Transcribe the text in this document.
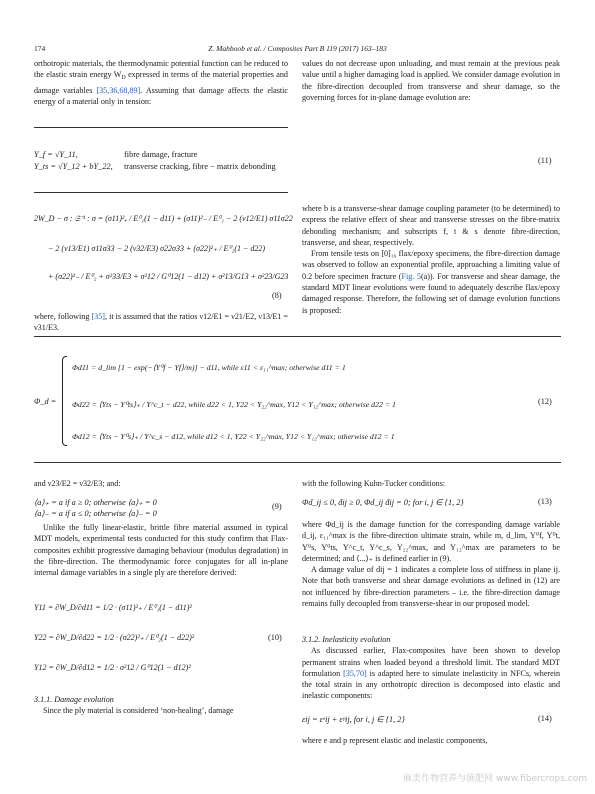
174	Z. Mahboob et al. / Composites Part B 119 (2017) 163–183

orthotropic materials, the thermodynamic potential function can be reduced to the elastic strain energy $W_D$ expressed in terms of the material properties and damage variables [35,36,68,89]. Assuming that damage affects the elastic energy of a material only in tension:

values do not decrease upon unloading, and must remain at the previous peak value until a higher damaging load is applied. We consider damage evolution in the fibre-direction decoupled from transverse and shear damage, so the governing forces for in-plane damage evolution are:

Y_f = √Y_11,	fibre damage, fracture
Y_ts = √Y_12 + bY_22, transverse cracking, fibre − matrix debonding
(11)
2W_D − σ : 𝔖⁻¹ : σ = (σ11)²₊ / E⁰₁(1 − d11) + (σ11)²₋ / E⁰₁ − 2 (ν12/E1) σ11σ22
− 2 (ν13/E1) σ11σ33 − 2 (ν32/E3) σ22σ33 + (σ22)²₊ / E⁰₂(1 − d22)
+ (σ22)²₋ / E⁰₂ + σ²33/E3 + σ²12 / G⁰12(1 − d12) + σ²13/G13 + σ²23/G23
(8)

where, following [35], it is assumed that the ratios ν12/E1 = ν21/E2, ν13/E1 = ν31/E3.

where b is a transverse-shear damage coupling parameter (to be determined) to express the relative effect of shear and transverse stresses on the fibre-matrix debonding mechanism; and subscripts f, t & s denote fibre-direction, transverse, and shear, respectively.

From tensile tests on [0]₁₆ flax/epoxy specimens, the fibre-direction damage was observed to follow an exponential profile, approaching a limiting value of 0.2 before specimen fracture (Fig. 5(a)). For transverse and shear damage, the standard MDT linear evolutions were found to adequately describe flax/epoxy damaged response. Therefore, the following set of damage evolution functions is proposed:

Φ_d =
Φd11 = d_lim [1 − exp(−⟨Y⁰f − Yf⟩/m)] − d11, while ε11 < ε₁₁^max; otherwise d11 = 1
Φd22 = ⟨Yts − Y⁰ts⟩₊ / Y^c_t − d22, while d22 < 1, Y22 < Y₂₂^max, Y12 < Y₁₂^max; otherwise d22 = 1
Φd12 = ⟨Yts − Y⁰s⟩₊ / Y^c_s − d12, while d12 < 1, Y22 < Y₂₂^max, Y12 < Y₁₂^max; otherwise d12 = 1
(12)

and ν23/E2 = ν32/E3; and:

⟨a⟩₊ = a if a ≥ 0; otherwise ⟨a⟩₊ = 0
⟨a⟩₋ = a if a ≤ 0; otherwise ⟨a⟩₋ = 0
(9)

Unlike the fully linear-elastic, brittle fibre material assumed in typical MDT models, experimental tests conducted for this study confirm that Flax-composites exhibit progressive damaging behaviour (modulus degradation) in the fibre-direction. The thermodynamic force conjugates for all in-plane internal damage variables in a single ply are therefore derived:

Y11 = ∂W_D/∂d11 = 1/2 · (σ11)²₊ / E⁰₁(1 − d11)²
Y22 = ∂W_D/∂d22 = 1/2 · (σ22)²₊ / E⁰₂(1 − d22)²
Y12 = ∂W_D/∂d12 = 1/2 · σ²12 / G⁰12(1 − d12)²
(10)

3.1.1. Damage evolution

Since the ply material is considered ‘non-healing’, damage

with the following Kuhn-Tucker conditions:

Φd_ij ≤ 0, ḋij ≥ 0, Φd_ij ḋij = 0; for i, j ∈ {1, 2}	(13)

where Φd_ij is the damage function for the corresponding damage variable d_ij, ε₁₁^max is the fibre-direction ultimate strain, while m, d_lim, Y⁰f, Y⁰t, Y⁰s, Y⁰ts, Y^c_t, Y^c_s, Y₂₂^max, and Y₁₂^max are parameters to be determined; and ⟨...⟩₊ is defined earlier in (9).

A damage value of dij = 1 indicates a complete loss of stiffness in plane ij. Note that both transverse and shear damage evolutions as defined in (12) are not influenced by fibre-direction parameters – i.e. the fibre-direction damage remains fully decoupled from transverse-shear in our proposed model.

3.1.2. Inelasticity evolution

As discussed earlier, Flax-composites have been shown to develop permanent strains when loaded beyond a threshold limit. The standard MDT formulation [35,70] is adapted here to simulate inelasticity in NFCs, wherein the total strain in any orthotropic direction is decomposed into elastic and inelastic components:

εij = εᵉij + εᵖij, for i, j ∈ {1, 2}	(14)

where e and p represent elastic and inelastic components,

麻类作物营养与施肥网 www.fibercrops.com
